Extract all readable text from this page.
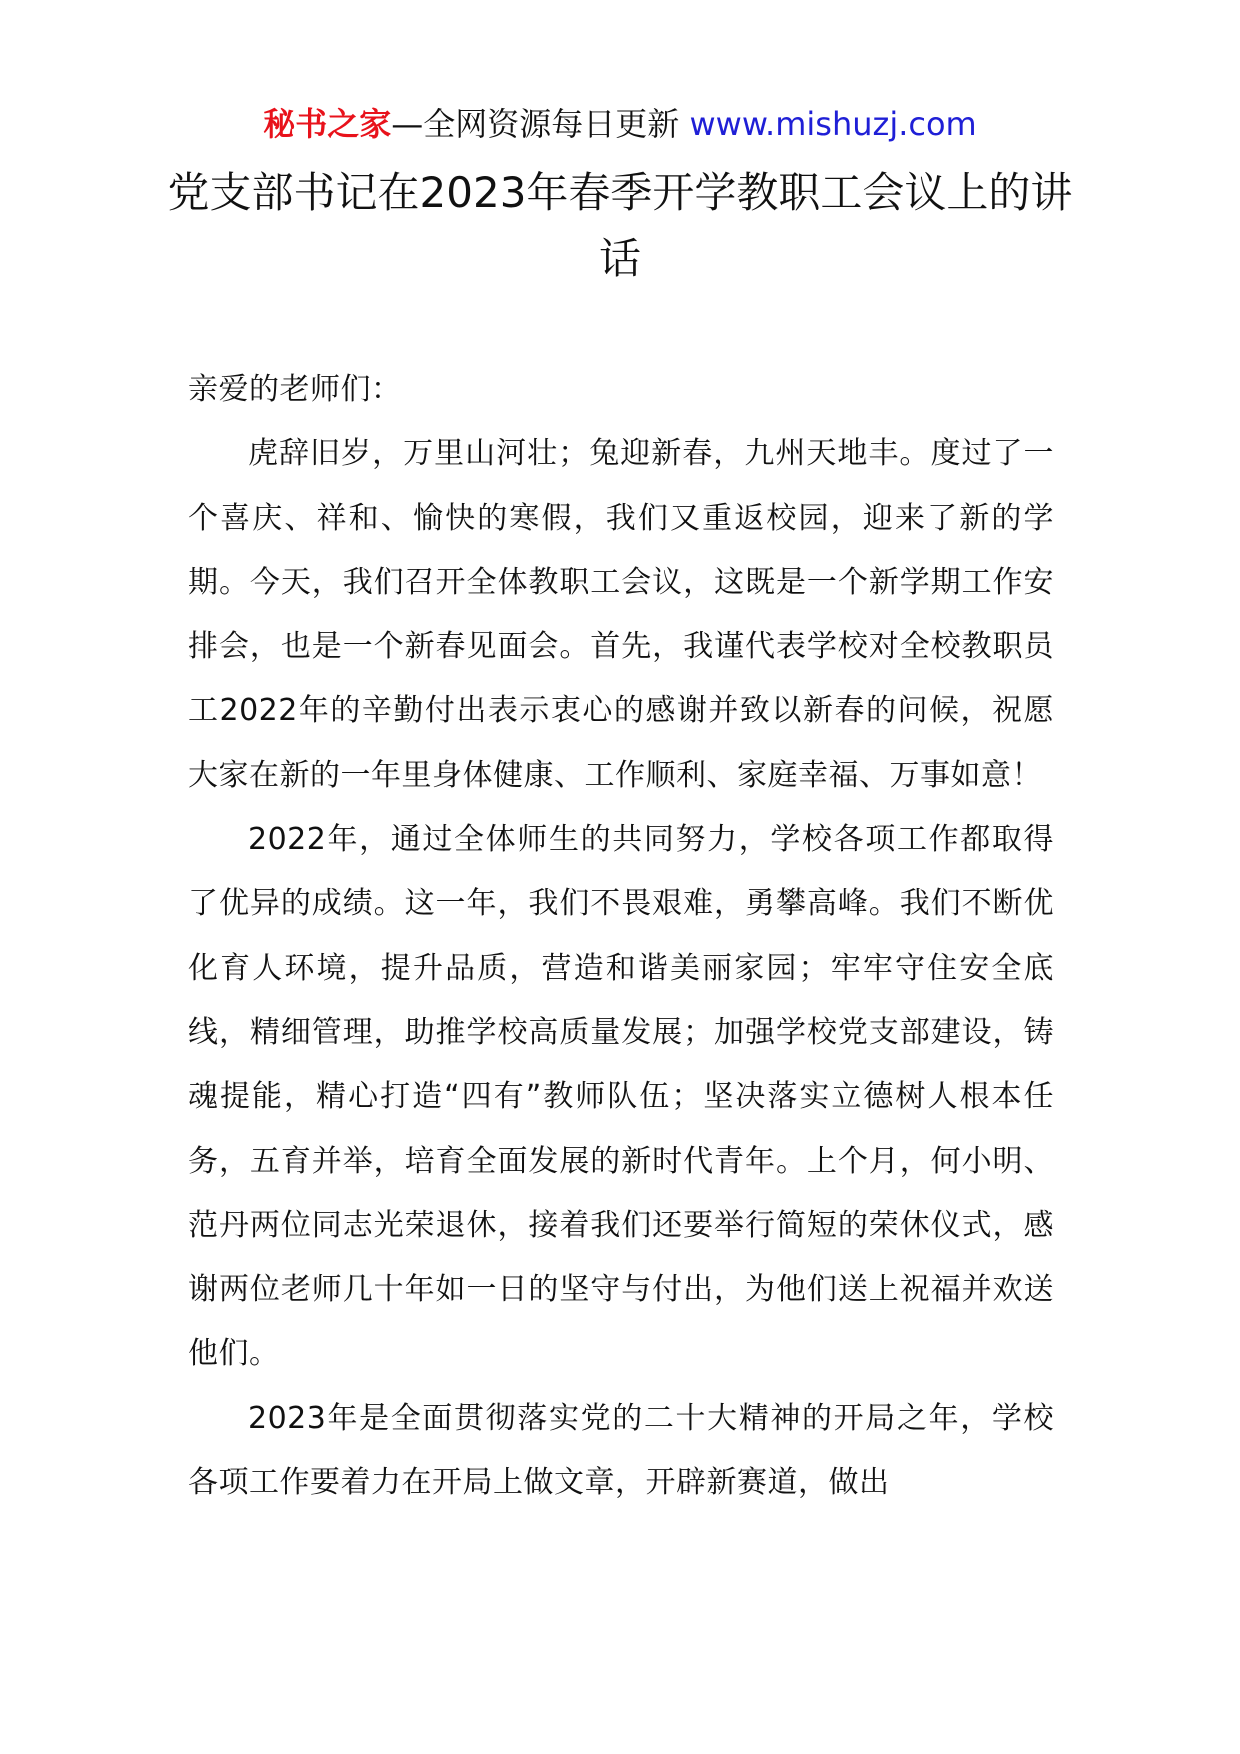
秘书之家—全网资源每日更新 www.mishuzj.com
党支部书记在2023年春季开学教职工会议上的讲话

亲爱的老师们：

虎辞旧岁，万里山河壮；兔迎新春，九州天地丰。度过了一个喜庆、祥和、愉快的寒假，我们又重返校园，迎来了新的学期。今天，我们召开全体教职工会议，这既是一个新学期工作安排会，也是一个新春见面会。首先，我谨代表学校对全校教职员工2022年的辛勤付出表示衷心的感谢并致以新春的问候，祝愿大家在新的一年里身体健康、工作顺利、家庭幸福、万事如意！

2022年，通过全体师生的共同努力，学校各项工作都取得了优异的成绩。这一年，我们不畏艰难，勇攀高峰。我们不断优化育人环境，提升品质，营造和谐美丽家园；牢牢守住安全底线，精细管理，助推学校高质量发展；加强学校党支部建设，铸魂提能，精心打造“四有”教师队伍；坚决落实立德树人根本任务，五育并举，培育全面发展的新时代青年。上个月，何小明、范丹两位同志光荣退休，接着我们还要举行简短的荣休仪式，感谢两位老师几十年如一日的坚守与付出，为他们送上祝福并欢送他们。

2023年是全面贯彻落实党的二十大精神的开局之年，学校各项工作要着力在开局上做文章，开辟新赛道，做出
